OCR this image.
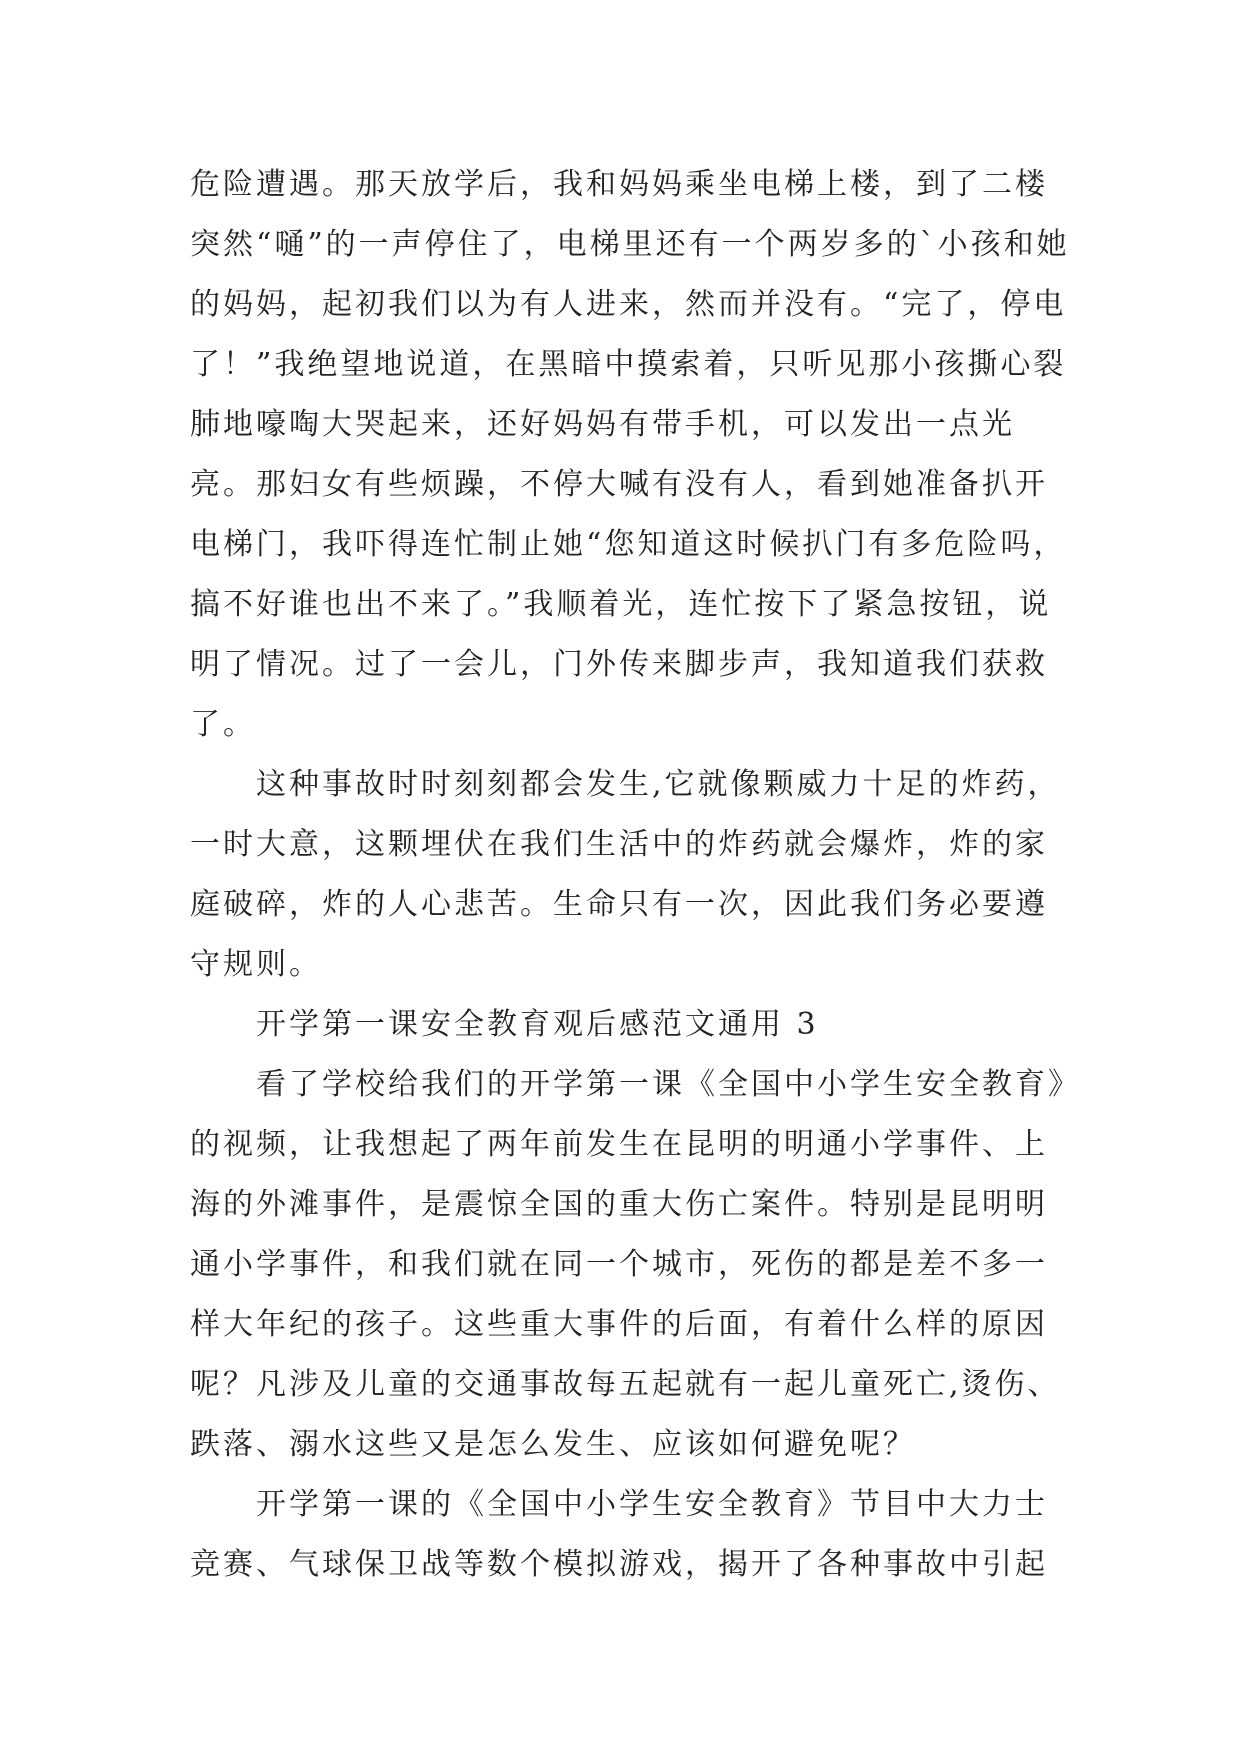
危险遭遇。那天放学后，我和妈妈乘坐电梯上楼，到了二楼突然“嗵”的一声停住了，电梯里还有一个两岁多的`小孩和她的妈妈，起初我们以为有人进来，然而并没有。“完了，停电了！”我绝望地说道，在黑暗中摸索着，只听见那小孩撕心裂肺地嚎啕大哭起来，还好妈妈有带手机，可以发出一点光亮。那妇女有些烦躁，不停大喊有没有人，看到她准备扒开电梯门，我吓得连忙制止她“您知道这时候扒门有多危险吗，搞不好谁也出不来了。”我顺着光，连忙按下了紧急按钮，说明了情况。过了一会儿，门外传来脚步声，我知道我们获救了。

这种事故时时刻刻都会发生,它就像颗威力十足的炸药，一时大意，这颗埋伏在我们生活中的炸药就会爆炸，炸的家庭破碎，炸的人心悲苦。生命只有一次，因此我们务必要遵守规则。

开学第一课安全教育观后感范文通用 3

看了学校给我们的开学第一课《全国中小学生安全教育》的视频，让我想起了两年前发生在昆明的明通小学事件、上海的外滩事件，是震惊全国的重大伤亡案件。特别是昆明明通小学事件，和我们就在同一个城市，死伤的都是差不多一样大年纪的孩子。这些重大事件的后面，有着什么样的原因呢？凡涉及儿童的交通事故每五起就有一起儿童死亡,烫伤、跌落、溺水这些又是怎么发生、应该如何避免呢？

开学第一课的《全国中小学生安全教育》节目中大力士竞赛、气球保卫战等数个模拟游戏，揭开了各种事故中引起
